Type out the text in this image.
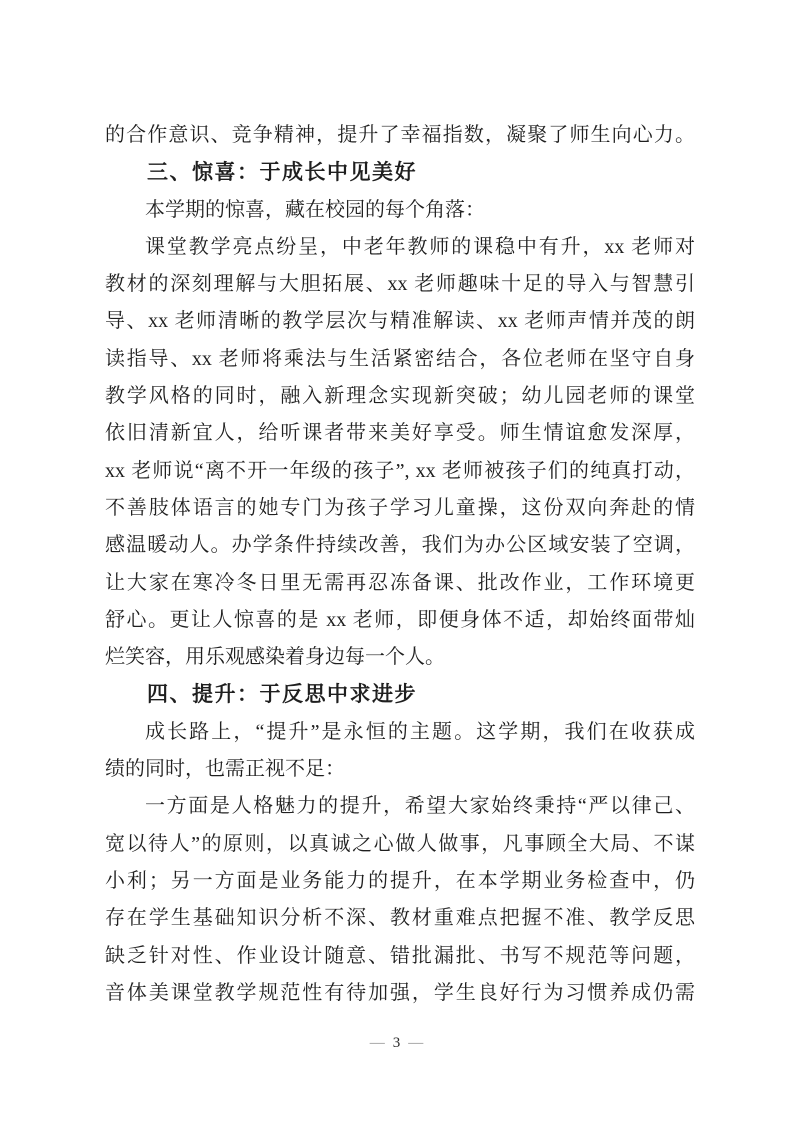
的合作意识、竞争精神，提升了幸福指数，凝聚了师生向心力。
三、惊喜：于成长中见美好
本学期的惊喜，藏在校园的每个角落：
课堂教学亮点纷呈，中老年教师的课稳中有升，xx 老师对
教材的深刻理解与大胆拓展、xx 老师趣味十足的导入与智慧引
导、xx 老师清晰的教学层次与精准解读、xx 老师声情并茂的朗
读指导、xx 老师将乘法与生活紧密结合，各位老师在坚守自身
教学风格的同时，融入新理念实现新突破；幼儿园老师的课堂
依旧清新宜人，给听课者带来美好享受。师生情谊愈发深厚，
xx 老师说“离不开一年级的孩子”, xx 老师被孩子们的纯真打动，
不善肢体语言的她专门为孩子学习儿童操，这份双向奔赴的情
感温暖动人。办学条件持续改善，我们为办公区域安装了空调，
让大家在寒冷冬日里无需再忍冻备课、批改作业，工作环境更
舒心。更让人惊喜的是 xx 老师，即便身体不适，却始终面带灿
烂笑容，用乐观感染着身边每一个人。
四、提升：于反思中求进步
成长路上，“提升”是永恒的主题。这学期，我们在收获成
绩的同时，也需正视不足：
一方面是人格魅力的提升，希望大家始终秉持“严以律己、
宽以待人”的原则，以真诚之心做人做事，凡事顾全大局、不谋
小利；另一方面是业务能力的提升，在本学期业务检查中，仍
存在学生基础知识分析不深、教材重难点把握不准、教学反思
缺乏针对性、作业设计随意、错批漏批、书写不规范等问题，
音体美课堂教学规范性有待加强，学生良好行为习惯养成仍需
— 3 —
